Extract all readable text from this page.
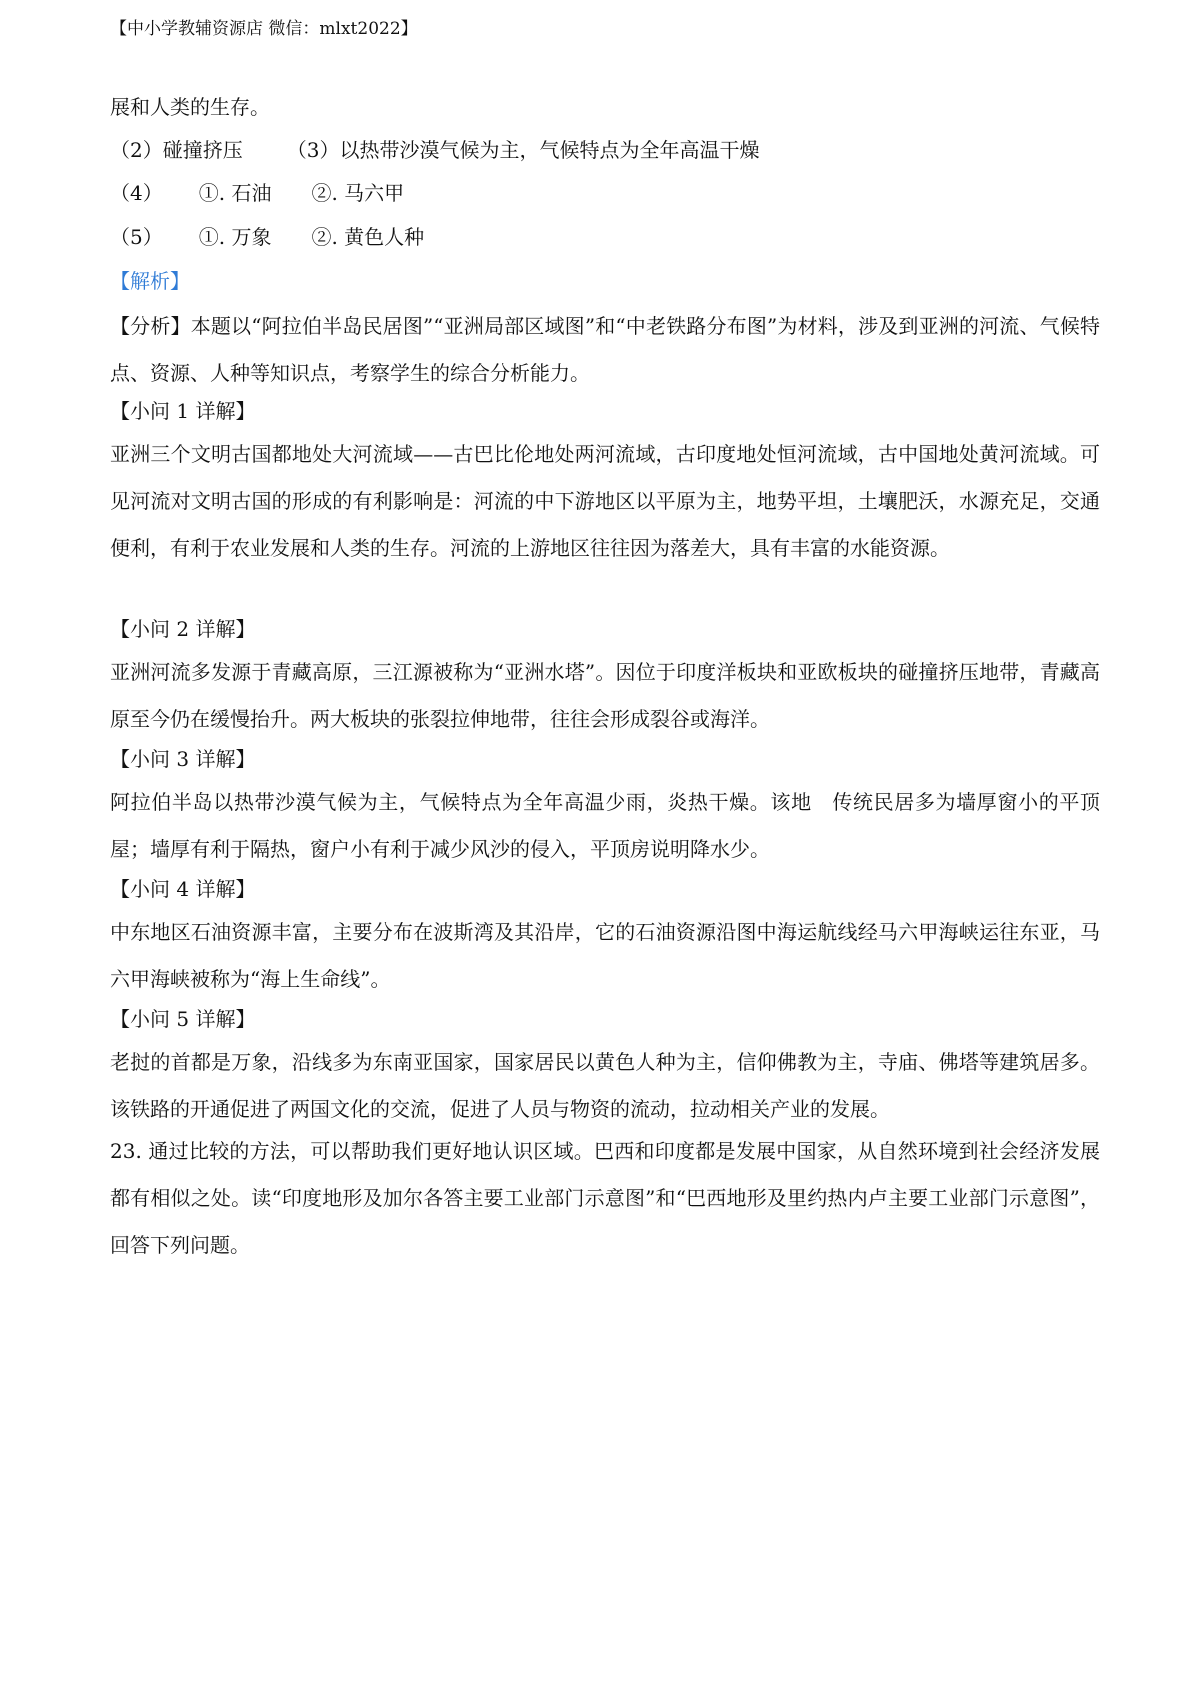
【中小学教辅资源店 微信：mlxt2022】
展和人类的生存。
（2）碰撞挤压 （3）以热带沙漠气候为主，气候特点为全年高温干燥
（4） ①. 石油 ②. 马六甲
（5） ①. 万象 ②. 黄色人种
【解析】
【分析】本题以“阿拉伯半岛民居图”“亚洲局部区域图”和“中老铁路分布图”为材料，涉及到亚洲的河流、气候特点、资源、人种等知识点，考察学生的综合分析能力。
【小问 1 详解】
亚洲三个文明古国都地处大河流域——古巴比伦地处两河流域，古印度地处恒河流域，古中国地处黄河流域。可见河流对文明古国的形成的有利影响是：河流的中下游地区以平原为主，地势平坦，土壤肥沃，水源充足，交通便利，有利于农业发展和人类的生存。河流的上游地区往往因为落差大，具有丰富的水能资源。
【小问 2 详解】
亚洲河流多发源于青藏高原，三江源被称为“亚洲水塔”。因位于印度洋板块和亚欧板块的碰撞挤压地带，青藏高原至今仍在缓慢抬升。两大板块的张裂拉伸地带，往往会形成裂谷或海洋。
【小问 3 详解】
阿拉伯半岛以热带沙漠气候为主，气候特点为全年高温少雨，炎热干燥。该地　传统民居多为墙厚窗小的平顶屋；墙厚有利于隔热，窗户小有利于减少风沙的侵入，平顶房说明降水少。
【小问 4 详解】
中东地区石油资源丰富，主要分布在波斯湾及其沿岸，它的石油资源沿图中海运航线经马六甲海峡运往东亚，马六甲海峡被称为“海上生命线”。
【小问 5 详解】
老挝的首都是万象，沿线多为东南亚国家，国家居民以黄色人种为主，信仰佛教为主，寺庙、佛塔等建筑居多。该铁路的开通促进了两国文化的交流，促进了人员与物资的流动，拉动相关产业的发展。
23. 通过比较的方法，可以帮助我们更好地认识区域。巴西和印度都是发展中国家，从自然环境到社会经济发展都有相似之处。读“印度地形及加尔各答主要工业部门示意图”和“巴西地形及里约热内卢主要工业部门示意图”，回答下列问题。
